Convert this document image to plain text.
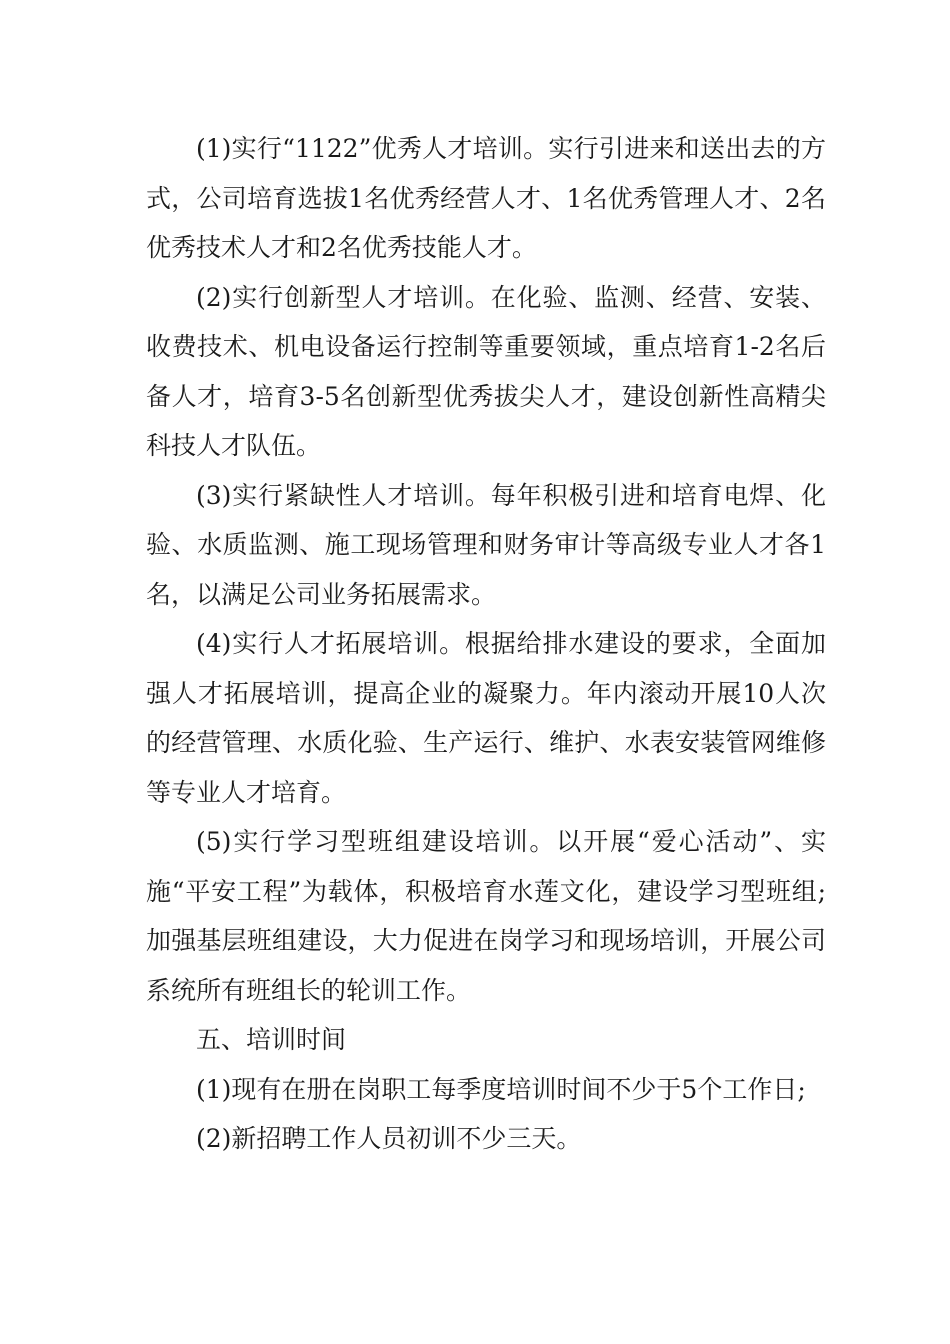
(1)实行“1122”优秀人才培训。实行引进来和送出去的方式，公司培育选拔1名优秀经营人才、1名优秀管理人才、2名优秀技术人才和2名优秀技能人才。

(2)实行创新型人才培训。在化验、监测、经营、安装、收费技术、机电设备运行控制等重要领域，重点培育1-2名后备人才，培育3-5名创新型优秀拔尖人才，建设创新性高精尖科技人才队伍。

(3)实行紧缺性人才培训。每年积极引进和培育电焊、化验、水质监测、施工现场管理和财务审计等高级专业人才各1名，以满足公司业务拓展需求。

(4)实行人才拓展培训。根据给排水建设的要求，全面加强人才拓展培训，提高企业的凝聚力。年内滚动开展10人次的经营管理、水质化验、生产运行、维护、水表安装管网维修等专业人才培育。

(5)实行学习型班组建设培训。以开展“爱心活动”、实施“平安工程”为载体，积极培育水莲文化，建设学习型班组;加强基层班组建设，大力促进在岗学习和现场培训，开展公司系统所有班组长的轮训工作。

五、培训时间

(1)现有在册在岗职工每季度培训时间不少于5个工作日;

(2)新招聘工作人员初训不少三天。
